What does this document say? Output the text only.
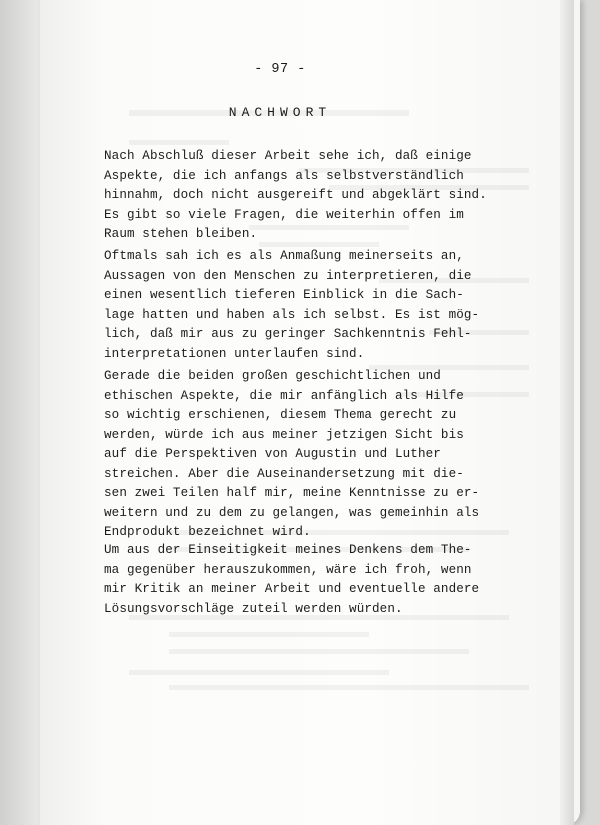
- 97 -
NACHWORT

Nach Abschluß dieser Arbeit sehe ich, daß einige
Aspekte, die ich anfangs als selbstverständlich
hinnahm, doch nicht ausgereift und abgeklärt sind.
Es gibt so viele Fragen, die weiterhin offen im
Raum stehen bleiben.

Oftmals sah ich es als Anmaßung meinerseits an,
Aussagen von den Menschen zu interpretieren, die
einen wesentlich tieferen Einblick in die Sach-
lage hatten und haben als ich selbst. Es ist mög-
lich, daß mir aus zu geringer Sachkenntnis Fehl-
interpretationen unterlaufen sind.

Gerade die beiden großen geschichtlichen und
ethischen Aspekte, die mir anfänglich als Hilfe
so wichtig erschienen, diesem Thema gerecht zu
werden, würde ich aus meiner jetzigen Sicht bis
auf die Perspektiven von Augustin und Luther
streichen. Aber die Auseinandersetzung mit die-
sen zwei Teilen half mir, meine Kenntnisse zu er-
weitern und zu dem zu gelangen, was gemeinhin als
Endprodukt bezeichnet wird.

Um aus der Einseitigkeit meines Denkens dem The-
ma gegenüber herauszukommen, wäre ich froh, wenn
mir Kritik an meiner Arbeit und eventuelle andere
Lösungsvorschläge zuteil werden würden.
